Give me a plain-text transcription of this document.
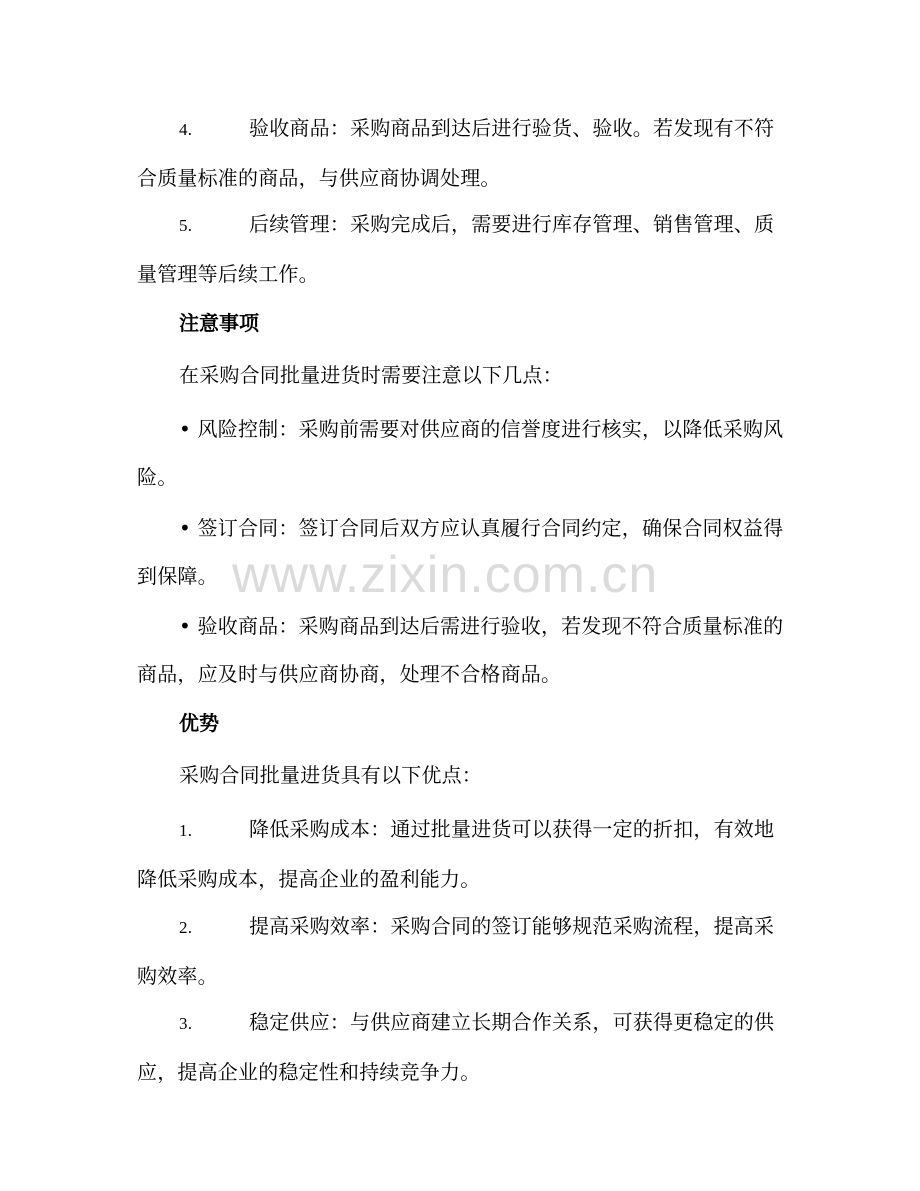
4.	验收商品：采购商品到达后进行验货、验收。若发现有不符合质量标准的商品，与供应商协调处理。
5.	后续管理：采购完成后，需要进行库存管理、销售管理、质量管理等后续工作。
注意事项
在采购合同批量进货时需要注意以下几点：
• 风险控制：采购前需要对供应商的信誉度进行核实，以降低采购风险。
• 签订合同：签订合同后双方应认真履行合同约定，确保合同权益得到保障。
• 验收商品：采购商品到达后需进行验收，若发现不符合质量标准的商品，应及时与供应商协商，处理不合格商品。
优势
采购合同批量进货具有以下优点：
1.	降低采购成本：通过批量进货可以获得一定的折扣，有效地降低采购成本，提高企业的盈利能力。
2.	提高采购效率：采购合同的签订能够规范采购流程，提高采购效率。
3.	稳定供应：与供应商建立长期合作关系，可获得更稳定的供应，提高企业的稳定性和持续竞争力。
www.zixin.com.cn
